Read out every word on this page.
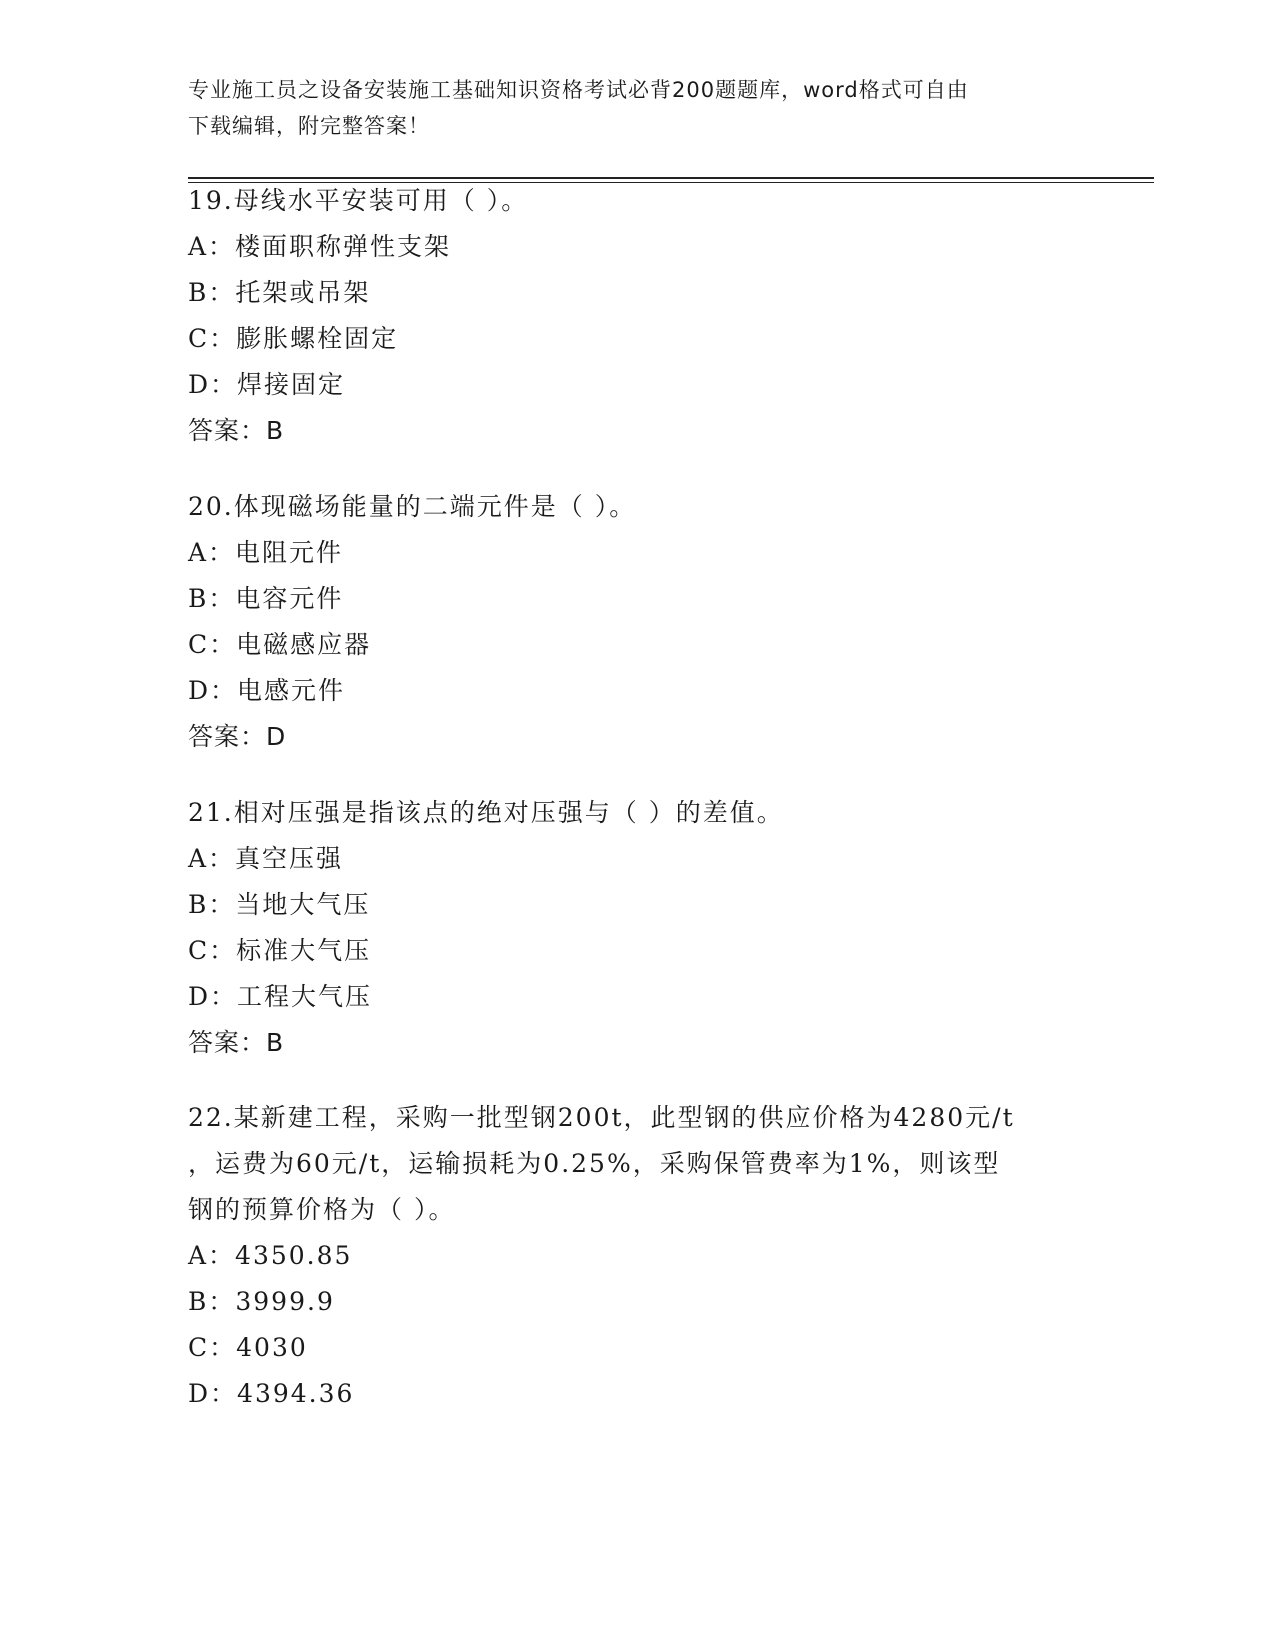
专业施工员之设备安装施工基础知识资格考试必背200题题库，word格式可自由
下载编辑，附完整答案！
19.母线水平安装可用（ ）。
A：楼面职称弹性支架
B：托架或吊架
C：膨胀螺栓固定
D：焊接固定
答案：B
20.体现磁场能量的二端元件是（ ）。
A：电阻元件
B：电容元件
C：电磁感应器
D：电感元件
答案：D
21.相对压强是指该点的绝对压强与（ ）的差值。
A：真空压强
B：当地大气压
C：标准大气压
D：工程大气压
答案：B
22.某新建工程，采购一批型钢200t，此型钢的供应价格为4280元/t
，运费为60元/t，运输损耗为0.25%，采购保管费率为1%，则该型
钢的预算价格为（ ）。
A：4350.85
B：3999.9
C：4030
D：4394.36
